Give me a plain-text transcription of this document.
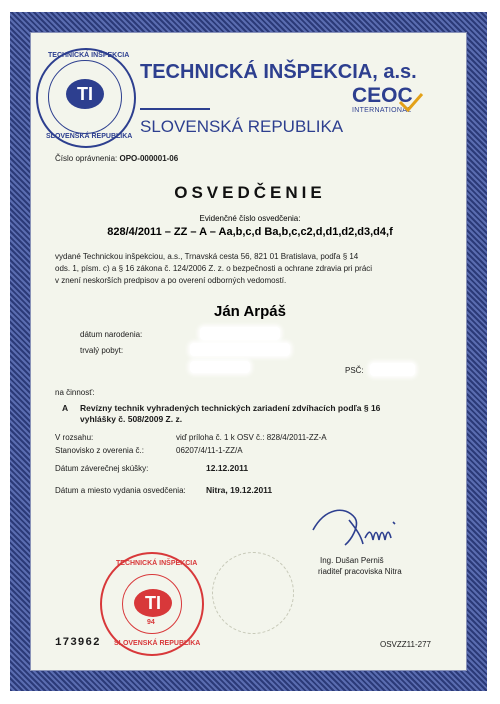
TI
TECHNICKÁ INŠPEKCIA
SLOVENSKÁ REPUBLIKA
TECHNICKÁ INŠPEKCIA, a.s.
SLOVENSKÁ REPUBLIKA
CEOC
INTERNATIONAL
Číslo oprávnenia: OPO-000001-06
OSVEDČENIE
Evidenčné číslo osvedčenia:
828/4/2011 – ZZ – A – Aa,b,c,d Ba,b,c,c2,d,d1,d2,d3,d4,f
vydané Technickou inšpekciou, a.s., Trnavská cesta 56, 821 01 Bratislava, podľa § 14
ods. 1, písm. c) a § 16 zákona č. 124/2006 Z. z. o bezpečnosti a ochrane zdravia pri práci
v znení neskorších predpisov a po overení odborných vedomostí.
Ján Arpáš
dátum narodenia:
trvalý pobyt:
PSČ:
na činnosť:
A Revízny technik vyhradených technických zariadení zdvíhacích podľa § 16
vyhlášky č. 508/2009 Z. z.
V rozsahu:	viď príloha č. 1 k OSV č.: 828/4/2011-ZZ-A
Stanovisko z overenia č.:	06207/4/11-1-ZZ/A
Dátum záverečnej skúšky:	12.12.2011
Dátum a miesto vydania osvedčenia: Nitra, 19.12.2011
Ing. Dušan Perniš
riaditeľ pracoviska Nitra
TI
94
TECHNICKÁ INŠPEKCIA
SLOVENSKÁ REPUBLIKA
173962	OSVZZ11-277
